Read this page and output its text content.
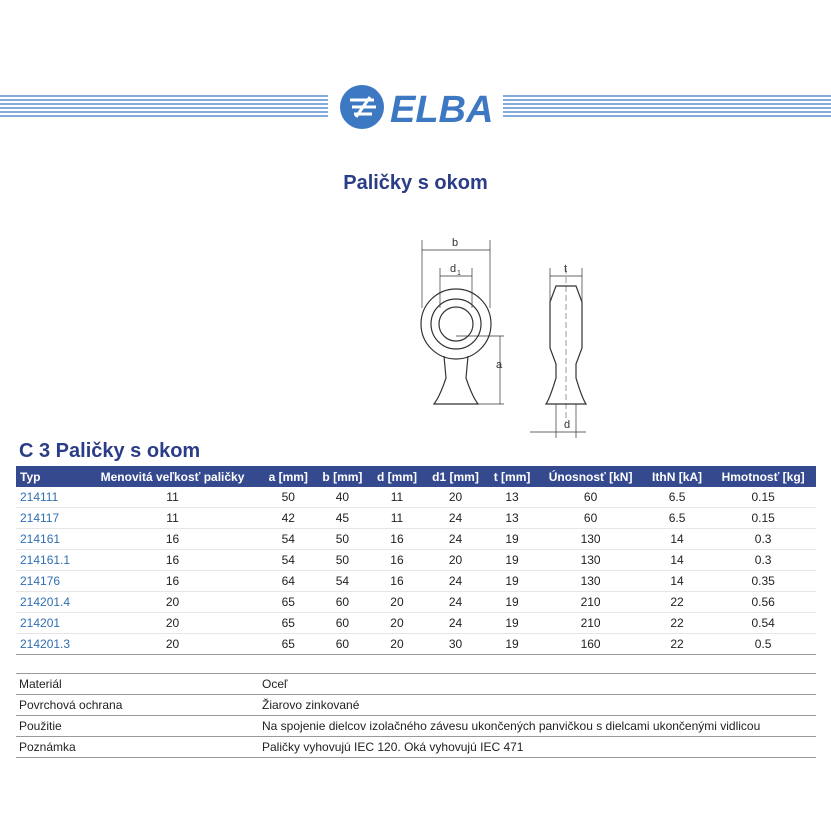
ELBA
Paličky s okom
b
d 1	t
a
d
C 3 Paličky s okom
Typ	Menovitá veľkosť paličky	a [mm]	b [mm]	d [mm]	d1 [mm]	t [mm]	Únosnosť [kN]	IthN [kA]	Hmotnosť [kg]
214111	11	50	40	11	20	13	60	6.5	0.15
214117	11	42	45	11	24	13	60	6.5	0.15
214161	16	54	50	16	24	19	130	14	0.3
214161.1	16	54	50	16	20	19	130	14	0.3
214176	16	64	54	16	24	19	130	14	0.35
214201.4	20	65	60	20	24	19	210	22	0.56
214201	20	65	60	20	24	19	210	22	0.54
214201.3	20	65	60	20	30	19	160	22	0.5
Materiál	Oceľ
Povrchová ochrana	Žiarovo zinkované
Použitie	Na spojenie dielcov izolačného závesu ukončených panvičkou s dielcami ukončenými vidlicou
Poznámka	Paličky vyhovujú IEC 120. Oká vyhovujú IEC 471
